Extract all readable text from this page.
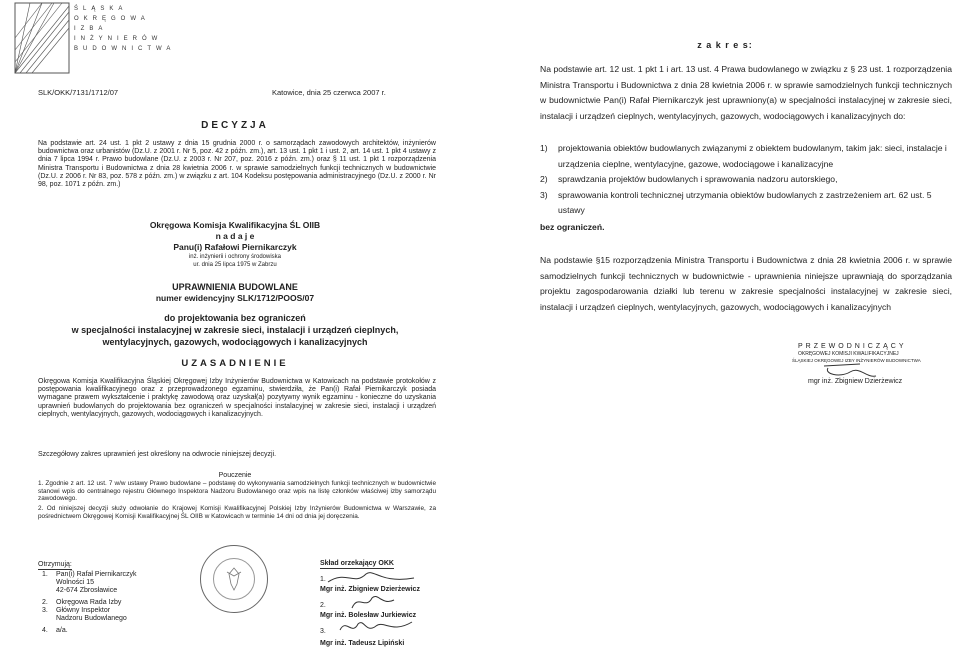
ŚLĄSKA
OKRĘGOWA
IZBA
INŻYNIERÓW
BUDOWNICTWA
SLK/OKK/7131/1712/07	Katowice, dnia 25 czerwca 2007 r.
DECYZJA
Na podstawie art. 24 ust. 1 pkt 2 ustawy z dnia 15 grudnia 2000 r. o samorządach zawodowych architektów, inżynierów budownictwa oraz urbanistów (Dz.U. z 2001 r. Nr 5, poz. 42 z późn. zm.), art. 13 ust. 1 pkt 1 i ust. 2, art. 14 ust. 1 pkt 4 ustawy z dnia 7 lipca 1994 r. Prawo budowlane (Dz.U. z 2003 r. Nr 207, poz. 2016 z późn. zm.) oraz § 11 ust. 1 pkt 1 rozporządzenia Ministra Transportu i Budownictwa z dnia 28 kwietnia 2006 r. w sprawie samodzielnych funkcji technicznych w budownictwie (Dz.U. z 2006 r. Nr 83, poz. 578 z późn. zm.) w związku z art. 104 Kodeksu postępowania administracyjnego (Dz.U. z 2000 r. Nr 98, poz. 1071 z późn. zm.)
Okręgowa Komisja Kwalifikacyjna ŚL OIIB
n a d a j e
Panu(i) Rafałowi Piernikarczyk
inż. inżynierii i ochrony środowiska
ur. dnia 25 lipca 1975 w Zabrzu
UPRAWNIENIA BUDOWLANE
numer ewidencyjny SLK/1712/POOS/07
do projektowania bez ograniczeń
w specjalności instalacyjnej w zakresie sieci, instalacji i urządzeń cieplnych,
wentylacyjnych, gazowych, wodociągowych i kanalizacyjnych
UZASADNIENIE
Okręgowa Komisja Kwalifikacyjna Śląskiej Okręgowej Izby Inżynierów Budownictwa w Katowicach na podstawie protokołów z postępowania kwalifikacyjnego oraz z przeprowadzonego egzaminu, stwierdziła, że Pan(i) Rafał Piernikarczyk posiada wymagane prawem wykształcenie i praktykę zawodową oraz uzyskał(a) pozytywny wynik egzaminu - konieczne do uzyskania uprawnień budowlanych do projektowania bez ograniczeń w specjalności instalacyjnej w zakresie sieci, instalacji i urządzeń cieplnych, wentylacyjnych, gazowych, wodociągowych i kanalizacyjnych.
Szczegółowy zakres uprawnień jest określony na odwrocie niniejszej decyzji.
Pouczenie
1. Zgodnie z art. 12 ust. 7 w/w ustawy Prawo budowlane – podstawę do wykonywania samodzielnych funkcji technicznych w budownictwie stanowi wpis do centralnego rejestru Głównego Inspektora Nadzoru Budowlanego oraz wpis na listę członków właściwej izby samorządu zawodowego.
2. Od niniejszej decyzji służy odwołanie do Krajowej Komisji Kwalifikacyjnej Polskiej Izby Inżynierów Budownictwa w Warszawie, za pośrednictwem Okręgowej Komisji Kwalifikacyjnej ŚL OIIB w Katowicach w terminie 14 dni od dnia jej doręczenia.
Otrzymują:
1. Pan(i) Rafał Piernikarczyk
Wolności 15
42-674 Zbrosławice
2. Okręgowa Rada Izby
3. Główny Inspektor
Nadzoru Budowlanego
4. a/a.
Skład orzekający OKK
1.
Mgr inż. Zbigniew Dzierżewicz
2.
Mgr inż. Bolesław Jurkiewicz
3.
Mgr inż. Tadeusz Lipiński
z a k r e s:
Na podstawie art. 12 ust. 1 pkt 1 i art. 13 ust. 4 Prawa budowlanego w związku z § 23 ust. 1 rozporządzenia Ministra Transportu i Budownictwa z dnia 28 kwietnia 2006 r. w sprawie samodzielnych funkcji technicznych w budownictwie Pan(i) Rafał Piernikarczyk jest uprawniony(a) w specjalności instalacyjnej w zakresie sieci, instalacji i urządzeń cieplnych, wentylacyjnych, gazowych, wodociągowych i kanalizacyjnych do:
1)	projektowania obiektów budowlanych związanymi z obiektem budowlanym, takim jak: sieci, instalacje i urządzenia cieplne, wentylacyjne, gazowe, wodociągowe i kanalizacyjne
2)	sprawdzania projektów budowlanych i sprawowania nadzoru autorskiego,
3)	sprawowania kontroli technicznej utrzymania obiektów budowlanych z zastrzeżeniem art. 62 ust. 5 ustawy
bez ograniczeń.
Na podstawie §15 rozporządzenia Ministra Transportu i Budownictwa z dnia 28 kwietnia 2006 r. w sprawie samodzielnych funkcji technicznych w budownictwie - uprawnienia niniejsze uprawniają do sporządzania projektu zagospodarowania działki lub terenu w zakresie specjalności instalacyjnej w zakresie sieci, instalacji i urządzeń cieplnych, wentylacyjnych, gazowych, wodociągowych i kanalizacyjnych
PRZEWODNICZĄCY
OKRĘGOWEJ KOMISJI KWALIFIKACYJNEJ
ŚLĄSKIEJ OKRĘGOWEJ IZBY INŻYNIERÓW BUDOWNICTWA
mgr inż. Zbigniew Dzierżewicz
